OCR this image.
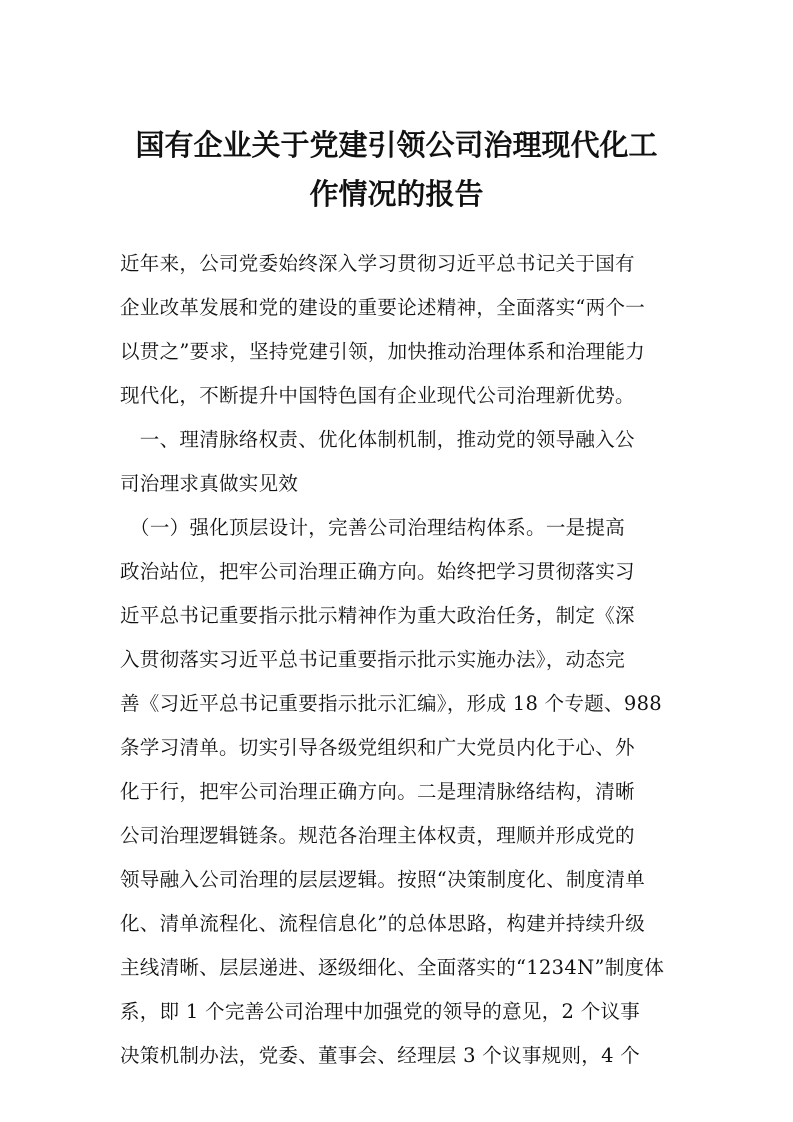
国有企业关于党建引领公司治理现代化工
作情况的报告
近年来，公司党委始终深入学习贯彻习近平总书记关于国有
企业改革发展和党的建设的重要论述精神，全面落实“两个一
以贯之”要求，坚持党建引领，加快推动治理体系和治理能力
现代化，不断提升中国特色国有企业现代公司治理新优势。
　一、理清脉络权责、优化体制机制，推动党的领导融入公
司治理求真做实见效
　（一）强化顶层设计，完善公司治理结构体系。一是提高
政治站位，把牢公司治理正确方向。始终把学习贯彻落实习
近平总书记重要指示批示精神作为重大政治任务，制定《深
入贯彻落实习近平总书记重要指示批示实施办法》，动态完
善《习近平总书记重要指示批示汇编》，形成 18 个专题、988
条学习清单。切实引导各级党组织和广大党员内化于心、外
化于行，把牢公司治理正确方向。二是理清脉络结构，清晰
公司治理逻辑链条。规范各治理主体权责，理顺并形成党的
领导融入公司治理的层层逻辑。按照“决策制度化、制度清单
化、清单流程化、流程信息化”的总体思路，构建并持续升级
主线清晰、层层递进、逐级细化、全面落实的“1234N”制度体
系，即 1 个完善公司治理中加强党的领导的意见，2 个议事
决策机制办法，党委、董事会、经理层 3 个议事规则，4 个
